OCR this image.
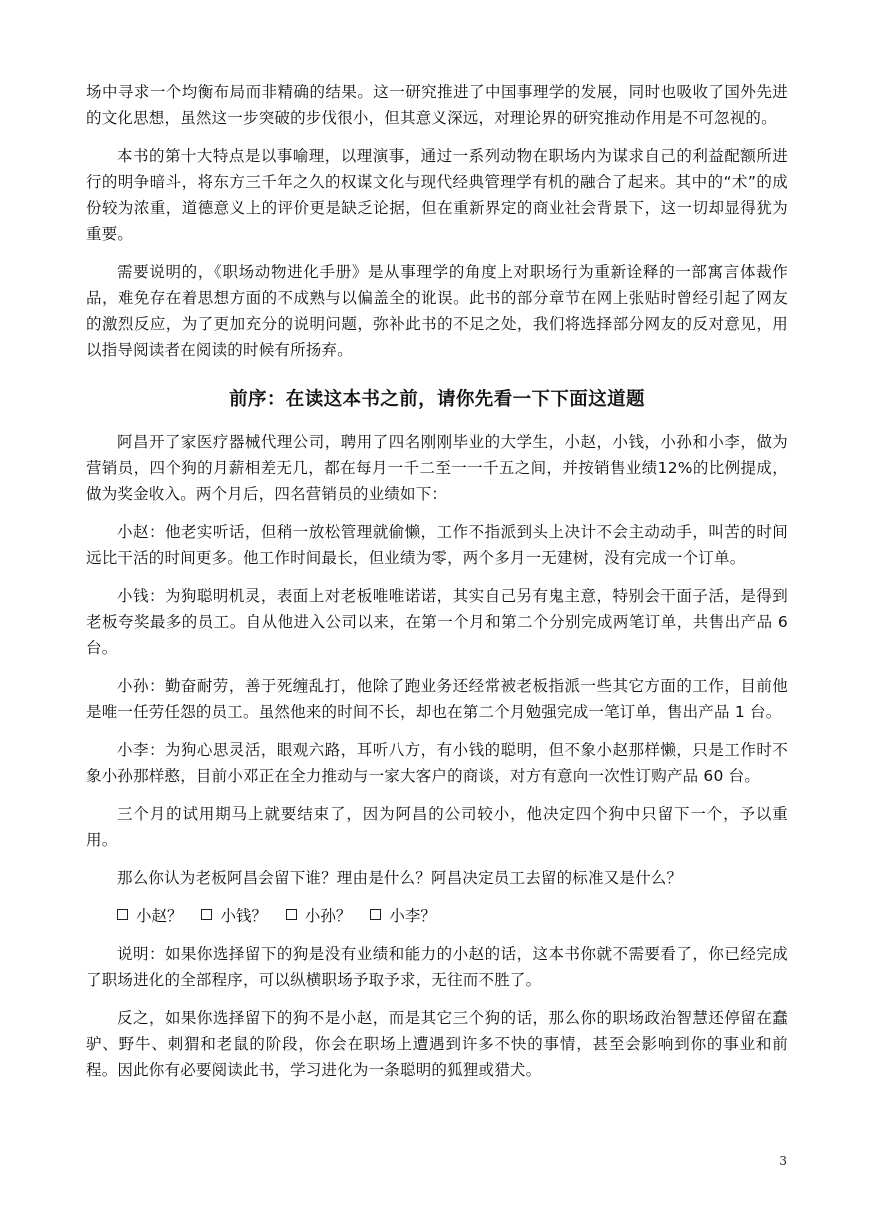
场中寻求一个均衡布局而非精确的结果。这一研究推进了中国事理学的发展，同时也吸收了国外先进的文化思想，虽然这一步突破的步伐很小，但其意义深远，对理论界的研究推动作用是不可忽视的。

本书的第十大特点是以事喻理，以理演事，通过一系列动物在职场内为谋求自己的利益配额所进行的明争暗斗，将东方三千年之久的权谋文化与现代经典管理学有机的融合了起来。其中的“术”的成份较为浓重，道德意义上的评价更是缺乏论据，但在重新界定的商业社会背景下，这一切却显得犹为重要。

需要说明的，《职场动物进化手册》是从事理学的角度上对职场行为重新诠释的一部寓言体裁作品，难免存在着思想方面的不成熟与以偏盖全的讹误。此书的部分章节在网上张贴时曾经引起了网友的激烈反应，为了更加充分的说明问题，弥补此书的不足之处，我们将选择部分网友的反对意见，用以指导阅读者在阅读的时候有所扬弃。

前序：在读这本书之前，请你先看一下下面这道题

阿昌开了家医疗器械代理公司，聘用了四名刚刚毕业的大学生，小赵，小钱，小孙和小李，做为营销员，四个狗的月薪相差无几，都在每月一千二至一一千五之间，并按销售业绩12%的比例提成，做为奖金收入。两个月后，四名营销员的业绩如下：

小赵：他老实听话，但稍一放松管理就偷懒，工作不指派到头上决计不会主动动手，叫苦的时间远比干活的时间更多。他工作时间最长，但业绩为零，两个多月一无建树，没有完成一个订单。

小钱：为狗聪明机灵，表面上对老板唯唯诺诺，其实自己另有鬼主意，特别会干面子活，是得到老板夸奖最多的员工。自从他进入公司以来，在第一个月和第二个分别完成两笔订单，共售出产品 6 台。

小孙：勤奋耐劳，善于死缠乱打，他除了跑业务还经常被老板指派一些其它方面的工作，目前他是唯一任劳任怨的员工。虽然他来的时间不长，却也在第二个月勉强完成一笔订单，售出产品 1 台。

小李：为狗心思灵活，眼观六路，耳听八方，有小钱的聪明，但不象小赵那样懒，只是工作时不象小孙那样憨，目前小邓正在全力推动与一家大客户的商谈，对方有意向一次性订购产品 60 台。

三个月的试用期马上就要结束了，因为阿昌的公司较小，他决定四个狗中只留下一个，予以重用。

那么你认为老板阿昌会留下谁？理由是什么？阿昌决定员工去留的标准又是什么？

小赵？ 小钱？ 小孙？ 小李？

说明：如果你选择留下的狗是没有业绩和能力的小赵的话，这本书你就不需要看了，你已经完成了职场进化的全部程序，可以纵横职场予取予求，无往而不胜了。

反之，如果你选择留下的狗不是小赵，而是其它三个狗的话，那么你的职场政治智慧还停留在蠢驴、野牛、刺猬和老鼠的阶段，你会在职场上遭遇到许多不快的事情，甚至会影响到你的事业和前程。因此你有必要阅读此书，学习进化为一条聪明的狐狸或猎犬。

3
